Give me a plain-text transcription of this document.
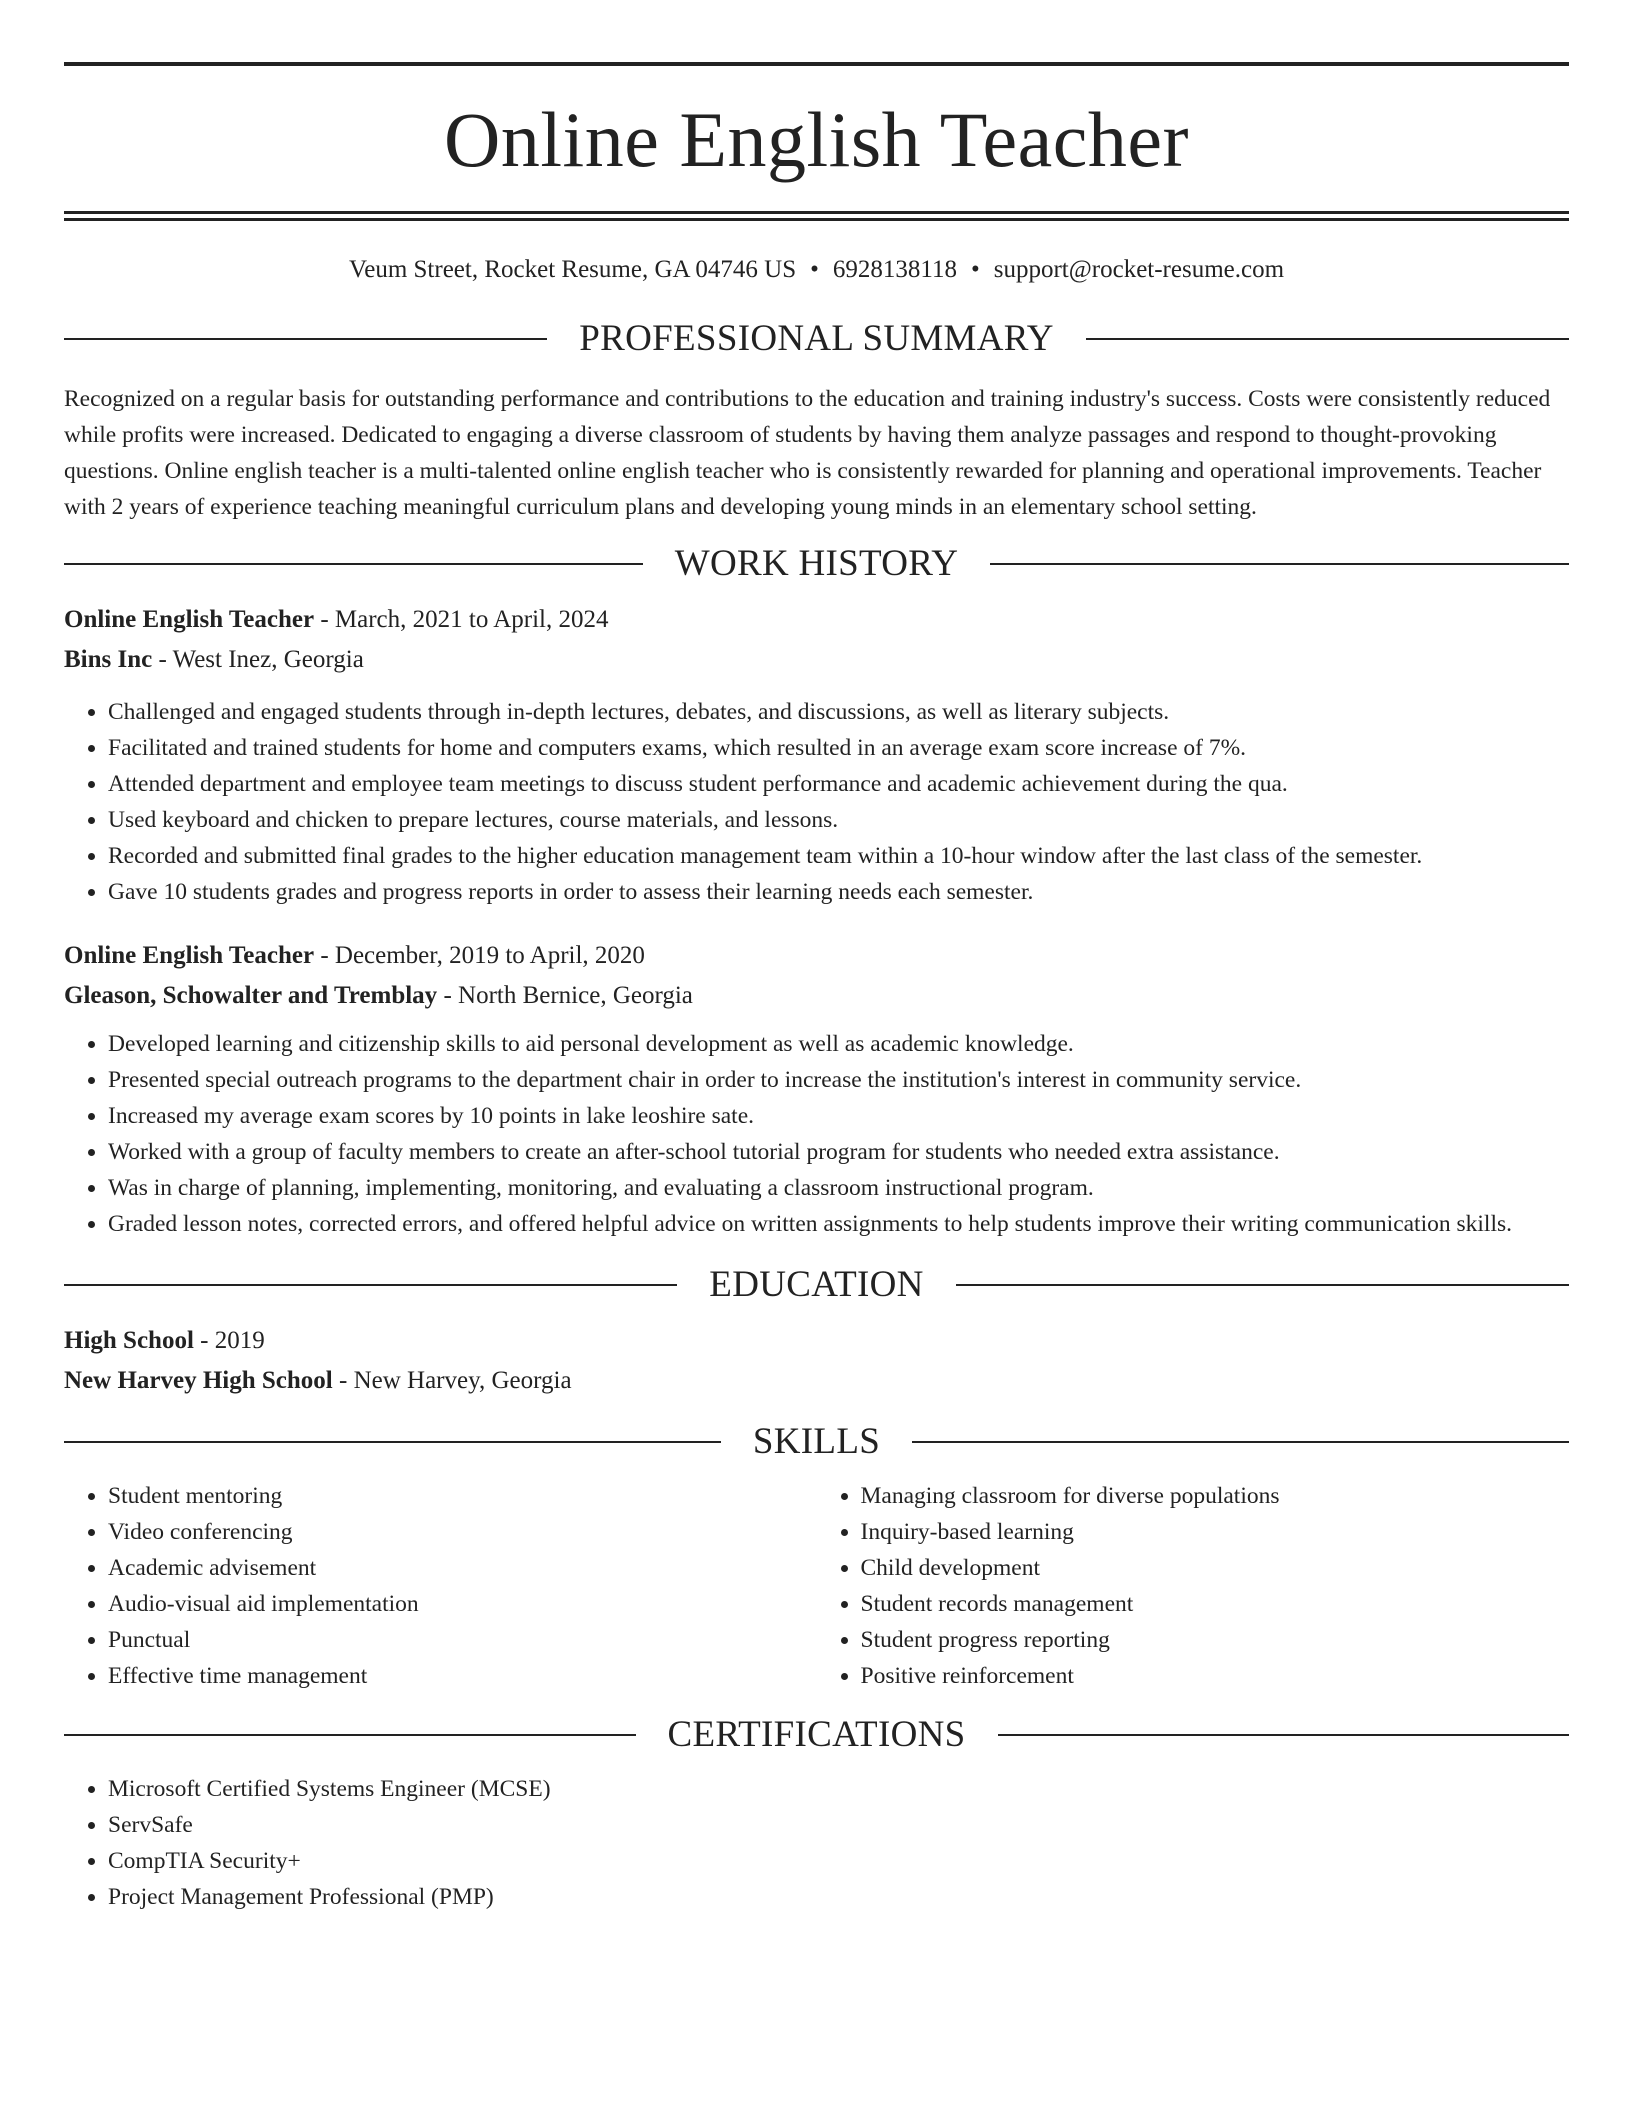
Online English Teacher
Veum Street, Rocket Resume, GA 04746 US • 6928138118 • support@rocket-resume.com
PROFESSIONAL SUMMARY

Recognized on a regular basis for outstanding performance and contributions to the education and training industry's success. Costs were consistently reduced while profits were increased. Dedicated to engaging a diverse classroom of students by having them analyze passages and respond to thought-provoking questions. Online english teacher is a multi-talented online english teacher who is consistently rewarded for planning and operational improvements. Teacher with 2 years of experience teaching meaningful curriculum plans and developing young minds in an elementary school setting.

WORK HISTORY

Online English Teacher - March, 2021 to April, 2024

Bins Inc - West Inez, Georgia

• Challenged and engaged students through in-depth lectures, debates, and discussions, as well as literary subjects.
• Facilitated and trained students for home and computers exams, which resulted in an average exam score increase of 7%.
• Attended department and employee team meetings to discuss student performance and academic achievement during the qua.
• Used keyboard and chicken to prepare lectures, course materials, and lessons.
• Recorded and submitted final grades to the higher education management team within a 10-hour window after the last class of the semester.
• Gave 10 students grades and progress reports in order to assess their learning needs each semester.

Online English Teacher - December, 2019 to April, 2020

Gleason, Schowalter and Tremblay - North Bernice, Georgia

• Developed learning and citizenship skills to aid personal development as well as academic knowledge.
• Presented special outreach programs to the department chair in order to increase the institution's interest in community service.
• Increased my average exam scores by 10 points in lake leoshire sate.
• Worked with a group of faculty members to create an after-school tutorial program for students who needed extra assistance.
• Was in charge of planning, implementing, monitoring, and evaluating a classroom instructional program.
• Graded lesson notes, corrected errors, and offered helpful advice on written assignments to help students improve their writing communication skills.
EDUCATION

High School - 2019

New Harvey High School - New Harvey, Georgia

SKILLS
• Student mentoring
• Video conferencing
• Academic advisement
• Audio-visual aid implementation
• Punctual
• Effective time management
• Managing classroom for diverse populations
• Inquiry-based learning
• Child development
• Student records management
• Student progress reporting
• Positive reinforcement
CERTIFICATIONS
• Microsoft Certified Systems Engineer (MCSE)
• ServSafe
• CompTIA Security+
• Project Management Professional (PMP)
